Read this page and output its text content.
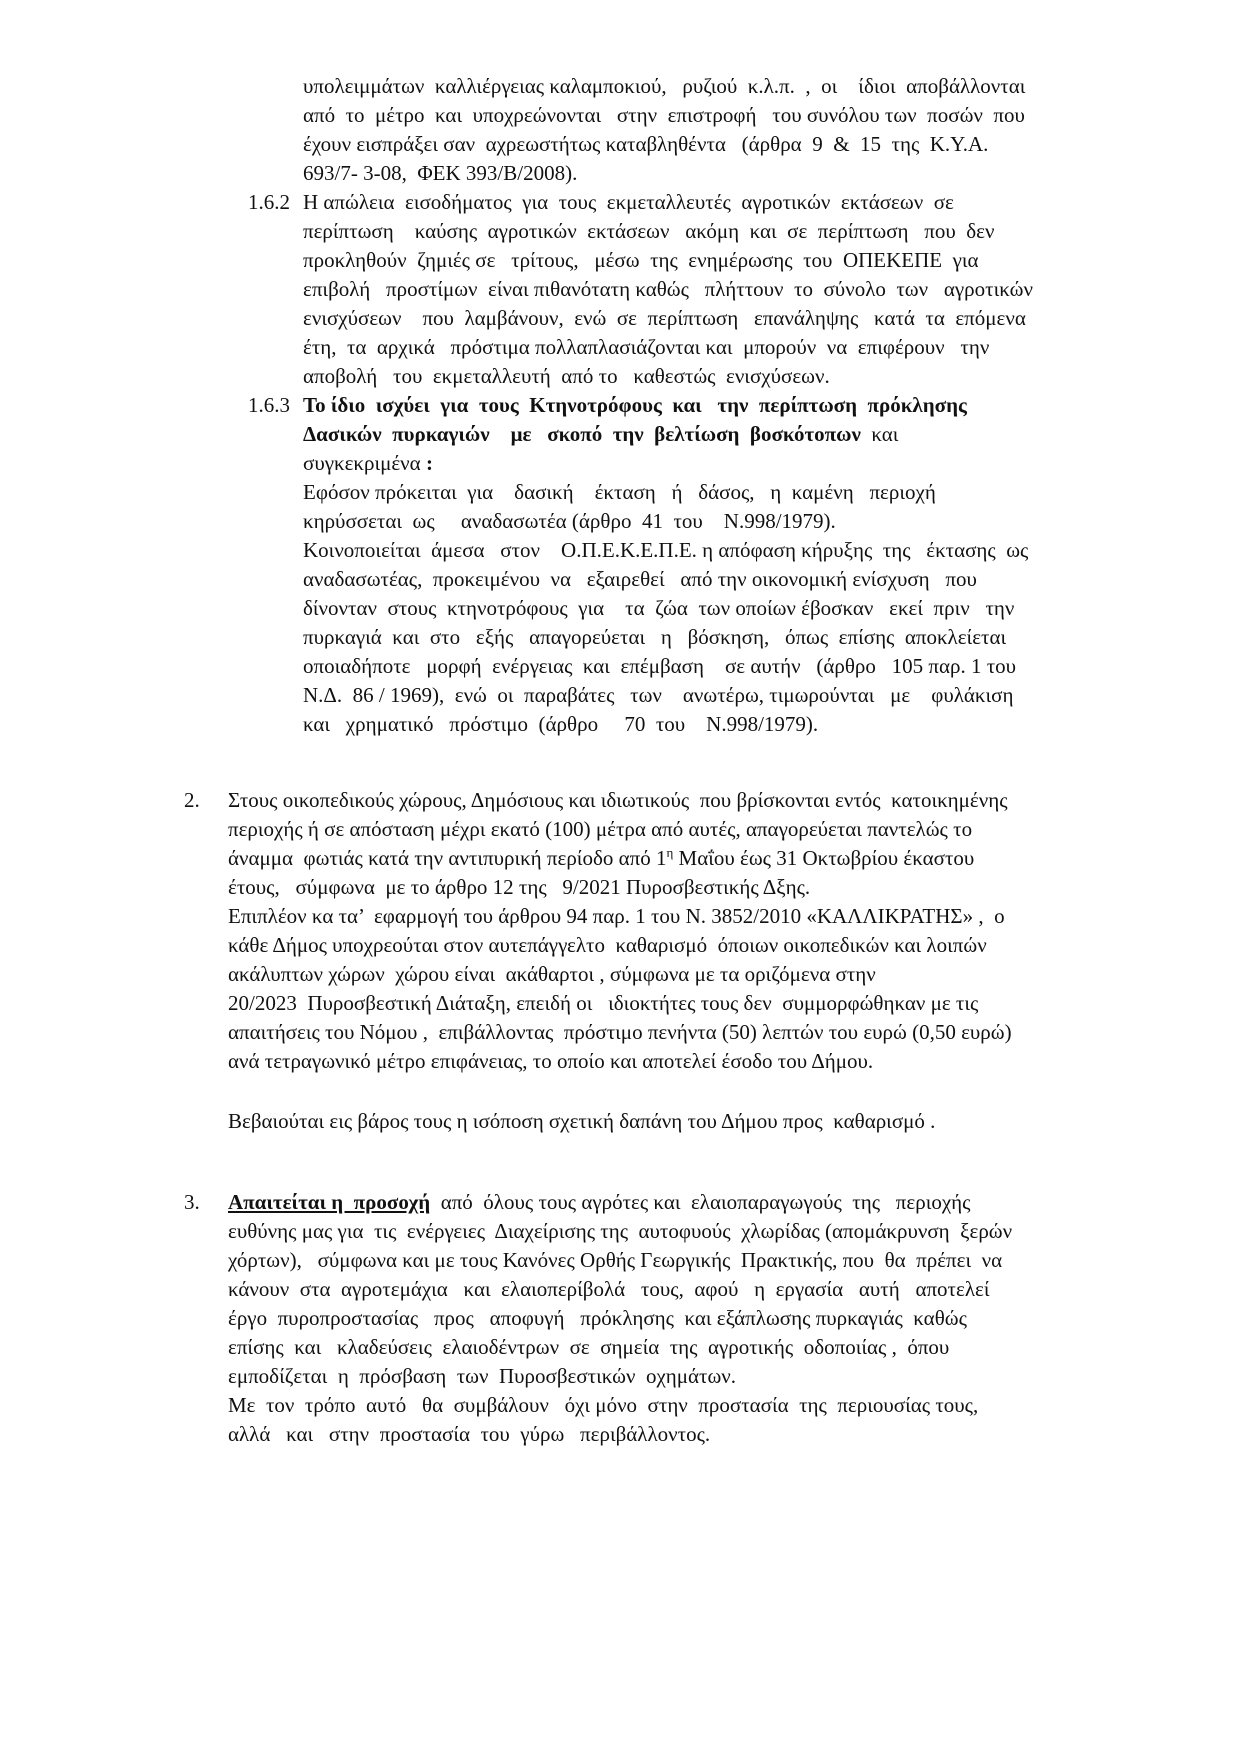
υπολειμμάτων  καλλιέργειας καλαμποκιού,   ρυζιού  κ.λ.π.  ,  οι    ίδιοι  αποβάλλονται
από  το  μέτρο  και  υποχρεώνονται   στην  επιστροφή   του συνόλου των  ποσών  που
έχουν εισπράξει σαν  αχρεωστήτως καταβληθέντα   (άρθρα  9  &  15  της  Κ.Υ.Α.
693/7- 3-08,  ΦΕΚ 393/Β/2008).
1.6.2 Η απώλεια  εισοδήματος  για  τους  εκμεταλλευτές  αγροτικών  εκτάσεων  σε
περίπτωση    καύσης  αγροτικών  εκτάσεων   ακόμη  και  σε  περίπτωση   που  δεν
προκληθούν  ζημιές σε   τρίτους,   μέσω  της  ενημέρωσης  του  ΟΠΕΚΕΠΕ  για
επιβολή   προστίμων  είναι πιθανότατη καθώς   πλήττουν  το  σύνολο  των   αγροτικών
ενισχύσεων    που  λαμβάνουν,  ενώ  σε  περίπτωση   επανάληψης   κατά  τα  επόμενα
έτη,  τα  αρχικά   πρόστιμα πολλαπλασιάζονται και  μπορούν  να  επιφέρουν   την
αποβολή   του  εκμεταλλευτή  από το   καθεστώς  ενισχύσεων.
1.6.3 Το ίδιο  ισχύει  για  τους  Κτηνοτρόφους  και   την  περίπτωση  πρόκλησης
Δασικών  πυρκαγιών    με   σκοπό  την  βελτίωση  βοσκότοπων  και
συγκεκριμένα :
Εφόσον πρόκειται  για    δασική    έκταση   ή   δάσος,   η  καμένη   περιοχή
κηρύσσεται  ως     αναδασωτέα (άρθρο  41  του    Ν.998/1979).
Κοινοποιείται  άμεσα   στον    Ο.Π.Ε.Κ.Ε.Π.Ε. η απόφαση κήρυξης  της   έκτασης  ως
αναδασωτέας,  προκειμένου  να   εξαιρεθεί   από την οικονομική ενίσχυση   που
δίνονταν  στους  κτηνοτρόφους  για    τα  ζώα  των οποίων έβοσκαν   εκεί  πριν   την
πυρκαγιά  και  στο   εξής   απαγορεύεται   η   βόσκηση,   όπως  επίσης  αποκλείεται
οποιαδήποτε   μορφή  ενέργειας  και  επέμβαση    σε αυτήν   (άρθρο   105 παρ. 1 του
Ν.Δ.  86 / 1969),  ενώ  οι  παραβάτες   των    ανωτέρω, τιμωρούνται   με    φυλάκιση
και   χρηματικό   πρόστιμο  (άρθρο     70  του    Ν.998/1979).
2. Στους οικοπεδικούς χώρους, Δημόσιους και ιδιωτικούς  που βρίσκονται εντός  κατοικημένης
περιοχής ή σε απόσταση μέχρι εκατό (100) μέτρα από αυτές, απαγορεύεται παντελώς το
άναμμα  φωτιάς κατά την αντιπυρική περίοδο από $1^\eta$ Μαΐου έως 31 Οκτωβρίου έκαστου
έτους,   σύμφωνα  με το άρθρο 12 της   9/2021 Πυροσβεστικής Δξης.
Επιπλέον κα τα’  εφαρμογή του άρθρου 94 παρ. 1 του Ν. 3852/2010 «ΚΑΛΛΙΚΡΑΤΗΣ» ,  ο
κάθε Δήμος υποχρεούται στον αυτεπάγγελτο  καθαρισμό  όποιων οικοπεδικών και λοιπών
ακάλυπτων χώρων  χώρου είναι  ακάθαρτοι , σύμφωνα με τα οριζόμενα στην
20/2023  Πυροσβεστική Διάταξη, επειδή οι   ιδιοκτήτες τους δεν  συμμορφώθηκαν με τις
απαιτήσεις του Νόμου ,  επιβάλλοντας  πρόστιμο πενήντα (50) λεπτών του ευρώ (0,50 ευρώ)
ανά τετραγωνικό μέτρο επιφάνειας, το οποίο και αποτελεί έσοδο του Δήμου.
Βεβαιούται εις βάρος τους η ισόποση σχετική δαπάνη του Δήμου προς  καθαρισμό .
3. Απαιτείται η  προσοχή  από  όλους τους αγρότες και  ελαιοπαραγωγούς  της   περιοχής
ευθύνης μας για  τις  ενέργειες  Διαχείρισης της  αυτοφυούς  χλωρίδας (απομάκρυνση  ξερών
χόρτων),   σύμφωνα και με τους Κανόνες Ορθής Γεωργικής  Πρακτικής, που  θα  πρέπει  να
κάνουν  στα  αγροτεμάχια   και  ελαιοπερίβολά   τους,  αφού   η  εργασία   αυτή   αποτελεί
έργο  πυροπροστασίας   προς   αποφυγή   πρόκλησης  και εξάπλωσης πυρκαγιάς  καθώς
επίσης  και   κλαδεύσεις  ελαιοδέντρων  σε  σημεία  της  αγροτικής  οδοποιίας ,  όπου
εμποδίζεται  η  πρόσβαση  των  Πυροσβεστικών  οχημάτων.
Με  τον  τρόπο  αυτό   θα  συμβάλουν   όχι μόνο  στην  προστασία  της  περιουσίας τους,
αλλά   και   στην  προστασία  του  γύρω   περιβάλλοντος.
